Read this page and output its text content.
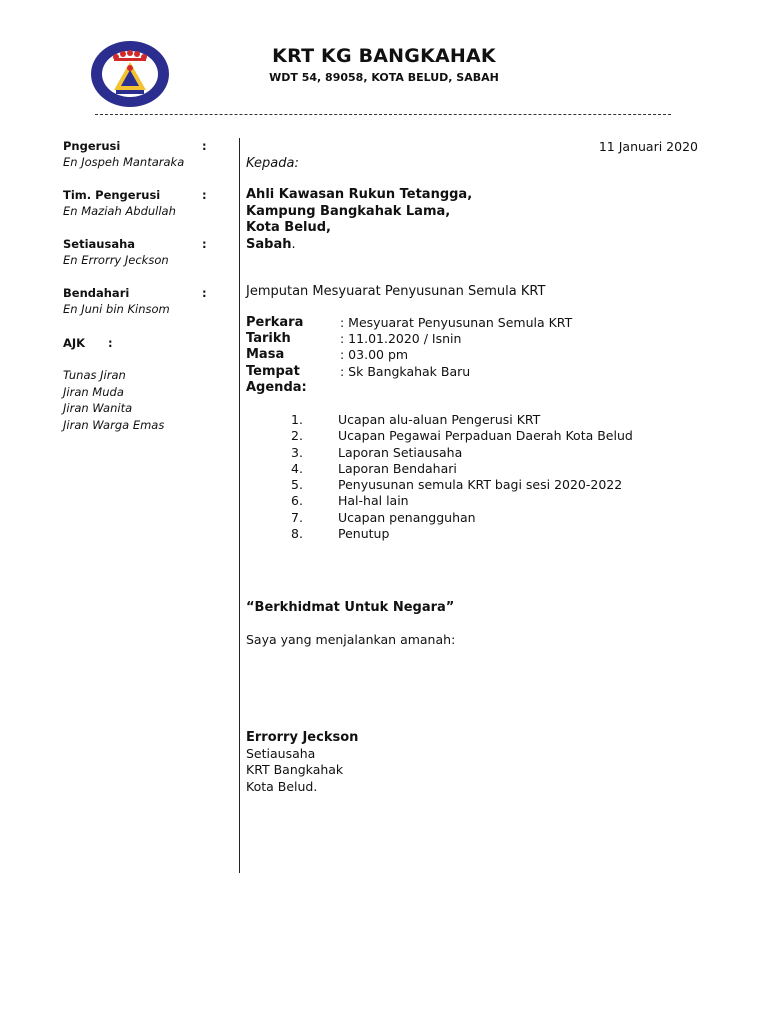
KRT KG BANGKAHAK
WDT 54, 89058, KOTA BELUD, SABAH
Pngerusi	:
En Jospeh Mantaraka
Tim. Pengerusi	:
En Maziah Abdullah
Setiausaha	:
En Errorry Jeckson
Bendahari	:
En Juni bin Kinsom
AJK :
Tunas Jiran
Jiran Muda
Jiran Wanita
Jiran Warga Emas
11 Januari 2020
Kepada:
Ahli Kawasan Rukun Tetangga,
Kampung Bangkahak Lama,
Kota Belud,
Sabah.
Jemputan Mesyuarat Penyusunan Semula KRT
Perkara	: Mesyuarat Penyusunan Semula KRT
Tarikh	: 11.01.2020 / Isnin
Masa	: 03.00 pm
Tempat	: Sk Bangkahak Baru
Agenda:
1.	Ucapan alu-aluan Pengerusi KRT
2.	Ucapan Pegawai Perpaduan Daerah Kota Belud
3.	Laporan Setiausaha
4.	Laporan Bendahari
5.	Penyusunan semula KRT bagi sesi 2020-2022
6.	Hal-hal lain
7.	Ucapan penangguhan
8.	Penutup
“Berkhidmat Untuk Negara”
Saya yang menjalankan amanah:
Errorry Jeckson
Setiausaha
KRT Bangkahak
Kota Belud.
